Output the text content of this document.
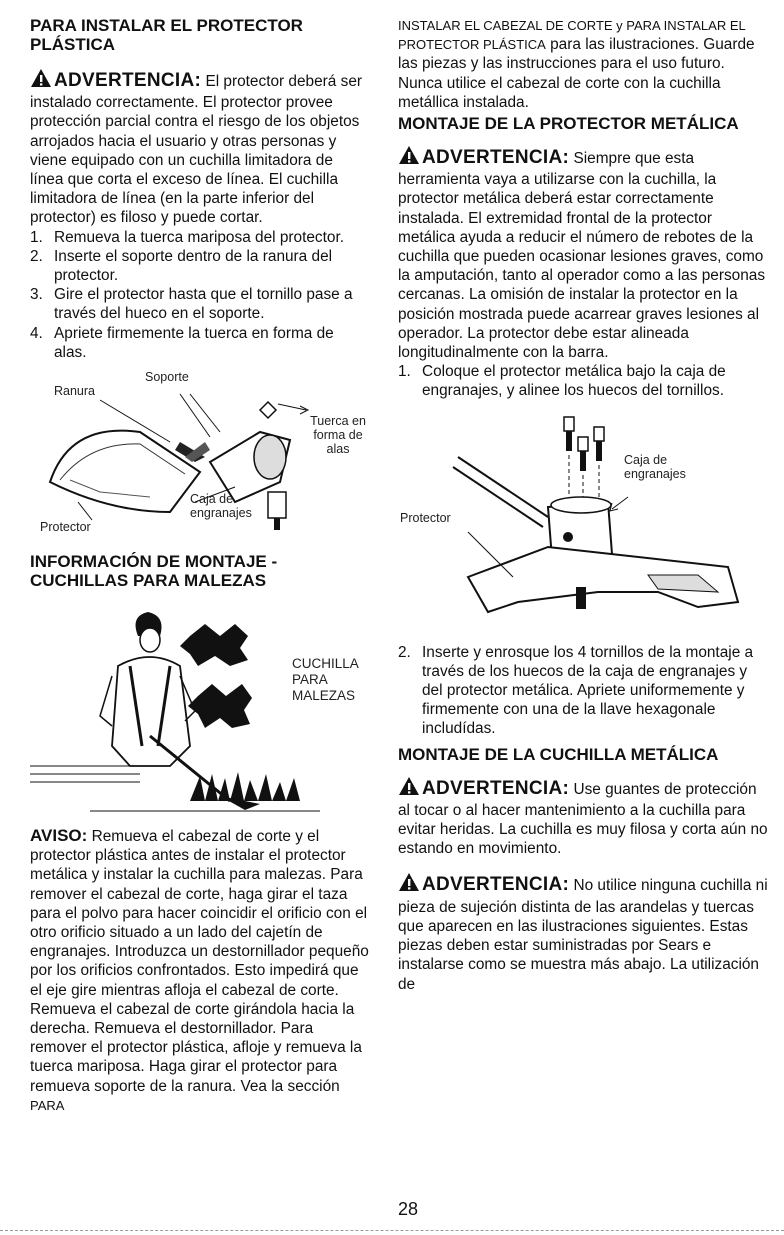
PARA INSTALAR EL PROTECTOR PLÁSTICA

ADVERTENCIA: El protector deberá ser instalado correctamente. El protector provee protección parcial contra el riesgo de los objetos arrojados hacia el usuario y otras personas y viene equipado con un cuchilla limitadora de línea que corta el exceso de línea. El cuchilla limitadora de línea (en la parte inferior del protector) es filoso y puede cortar.

1. Remueva la tuerca mariposa del protector.
2. Inserte el soporte dentro de la ranura del protector.
3. Gire el protector hasta que el tornillo pase a través del hueco en el soporte.
4. Apriete firmemente la tuerca en forma de alas.
Soporte
Ranura
Tuerca en forma de alas
Caja de engranajes
Protector

INFORMACIÓN DE MONTAJE - CUCHILLAS PARA MALEZAS

CUCHILLA PARA MALEZAS

AVISO: Remueva el cabezal de corte y el protector plástica antes de instalar el protector metálica y instalar la cuchilla para malezas. Para remover el cabezal de corte, haga girar el taza para el polvo para hacer coincidir el orificio con el otro orificio situado a un lado del cajetín de engranajes. Introduzca un destornillador pequeño por los orificios confrontados. Esto impedirá que el eje gire mientras afloja el cabezal de corte. Remueva el cabezal de corte girándola hacia la derecha. Remueva el destornillador. Para remover el protector plástica, afloje y remueva la tuerca mariposa. Haga girar el protector para remueva soporte de la ranura. Vea la sección PARA

INSTALAR EL CABEZAL DE CORTE y PARA INSTALAR EL PROTECTOR PLÁSTICA para las ilustraciones. Guarde las piezas y las instrucciones para el uso futuro. Nunca utilice el cabezal de corte con la cuchilla metállica instalada.

MONTAJE DE LA PROTECTOR METÁLICA

ADVERTENCIA: Siempre que esta herramienta vaya a utilizarse con la cuchilla, la protector metálica deberá estar correctamente instalada. El extremidad frontal de la protector metálica ayuda a reducir el número de rebotes de la cuchilla que pueden ocasionar lesiones graves, como la amputación, tanto al operador como a las personas cercanas. La omisión de instalar la protector en la posición mostrada puede acarrear graves lesiones al operador. La protector debe estar alineada longitudinalmente con la barra.

1. Coloque el protector metálica bajo la caja de engranajes, y alinee los huecos del tornillos.
Caja de engranajes
Protector
2. Inserte y enrosque los 4 tornillos de la montaje a través de los huecos de la caja de engranajes y del protector metálica. Apriete uniformemente y firmemente con una de la llave hexagonale includídas.

MONTAJE DE LA CUCHILLA METÁLICA

ADVERTENCIA: Use guantes de protección al tocar o al hacer mantenimiento a la cuchilla para evitar heridas. La cuchilla es muy filosa y corta aún no estando en movimiento.

ADVERTENCIA: No utilice ninguna cuchilla ni pieza de sujeción distinta de las arandelas y tuercas que aparecen en las ilustraciones siguientes. Estas piezas deben estar suministradas por Sears e instalarse como se muestra más abajo. La utilización de

28
